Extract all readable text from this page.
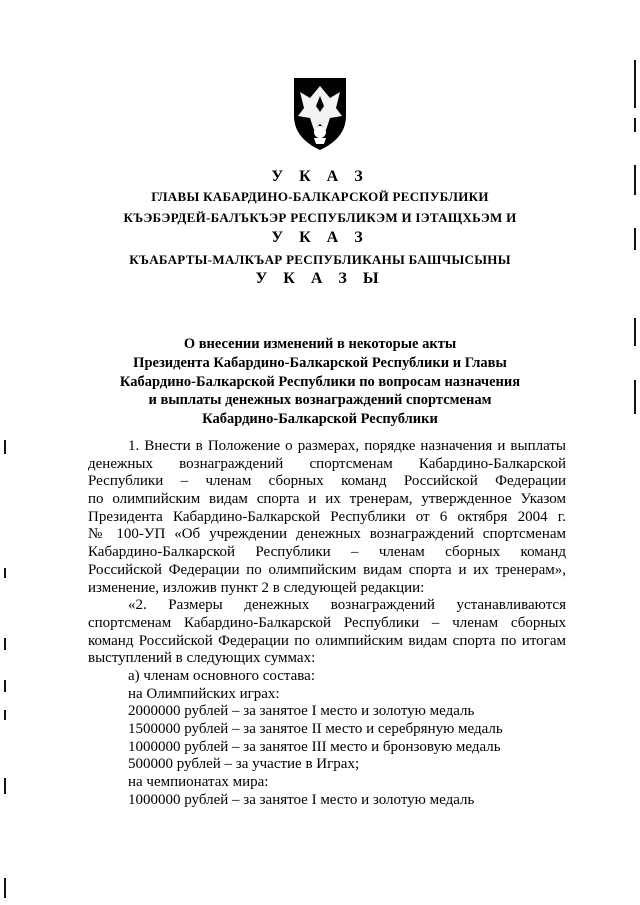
У К А З
ГЛАВЫ КАБАРДИНО-БАЛКАРСКОЙ РЕСПУБЛИКИ
КЪЭБЭРДЕЙ-БАЛЪКЪЭР РЕСПУБЛИКЭМ И ІЭТАЩХЬЭМ И
У К А З
КЪАБАРТЫ-МАЛКЪАР РЕСПУБЛИКАНЫ БАШЧЫСЫНЫ
У К А З Ы
О внесении изменений в некоторые акты
Президента Кабардино-Балкарской Республики и Главы
Кабардино-Балкарской Республики по вопросам назначения
и выплаты денежных вознаграждений спортсменам
Кабардино-Балкарской Республики
1. Внести в Положение о размерах, порядке назначения и выплаты
денежных вознаграждений спортсменам Кабардино-Балкарской
Республики – членам сборных команд Российской Федерации
по олимпийским видам спорта и их тренерам, утвержденное Указом
Президента Кабардино-Балкарской Республики от 6 октября 2004 г.
№ 100-УП «Об учреждении денежных вознаграждений спортсменам
Кабардино-Балкарской Республики – членам сборных команд
Российской Федерации по олимпийским видам спорта и их тренерам»,
изменение, изложив пункт 2 в следующей редакции:
«2. Размеры денежных вознаграждений устанавливаются
спортсменам Кабардино-Балкарской Республики – членам сборных
команд Российской Федерации по олимпийским видам спорта по итогам
выступлений в следующих суммах:
а) членам основного состава:
на Олимпийских играх:
2000000 рублей – за занятое I место и золотую медаль
1500000 рублей – за занятое II место и серебряную медаль
1000000 рублей – за занятое III место и бронзовую медаль
500000 рублей – за участие в Играх;
на чемпионатах мира:
1000000 рублей – за занятое I место и золотую медаль
